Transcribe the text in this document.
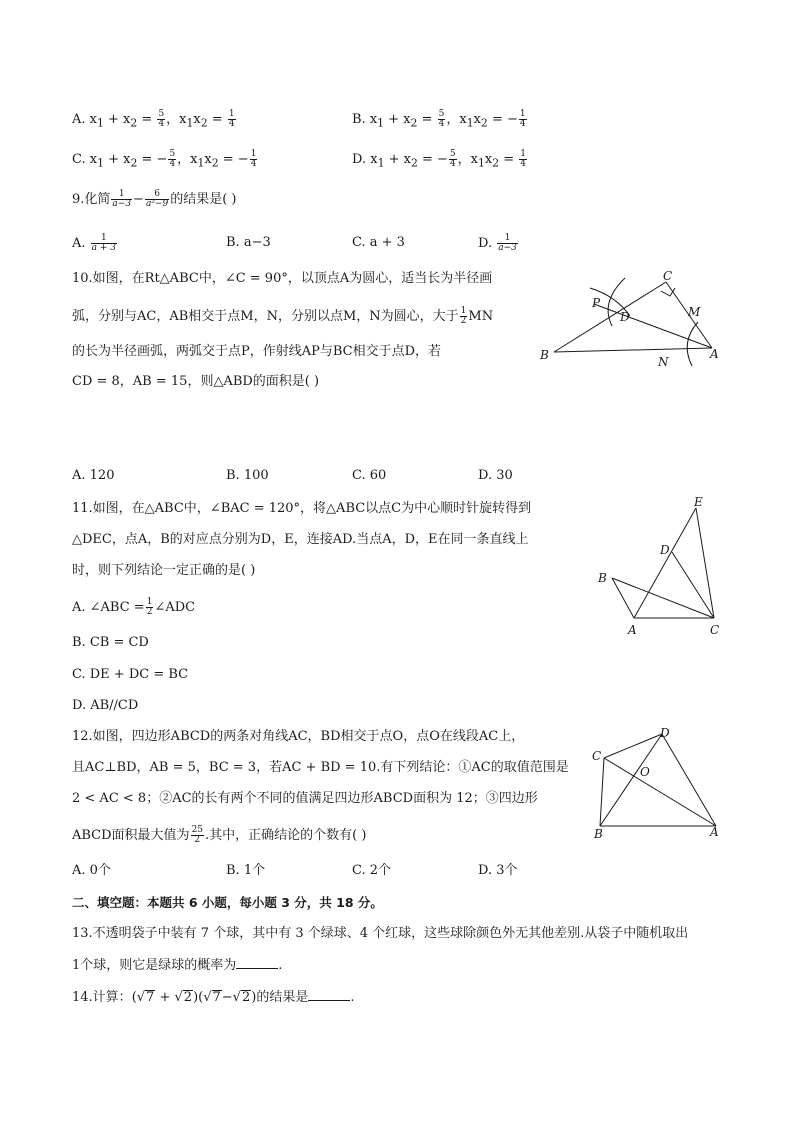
A. $x_1 + x_2 = \frac{5}{4}$ ，$x_1x_2 = \frac{1}{4}$	B. $x_1 + x_2 = \frac{5}{4}$ ，$x_1x_2$ = − $\frac{1}{4}$
C. $x_1 + x_2$ = − $\frac{5}{4}$ ，$x_1x_2$ = − $\frac{1}{4}$	D. $x_1 + x_2$ = − $\frac{5}{4}$ ，$x_1x_2 = \frac{1}{4}$
9.化简 $\frac{1}{a-3} - \frac{6}{\text{a²−9}}$ 的结果是( )
A. $\frac{1}{a + 3}$	B. a−3	C. a + 3	D. $\frac{1}{a-3}$
10.如图，在Rt△ABC中，∠C = 90°，以顶点A为圆心，适当长为半径画
弧，分别与AC，AB相交于点M，N，分别以点M，N为圆心，大于 $\frac{1}{2}$ MN
的长为半径画弧，两弧交于点P，作射线AP与BC相交于点D，若
CD = 8，AB = 15，则△ABD的面积是( )
C
P
D	M
B	N
A
A. 120	B. 100	C. 60	D. 30
11.如图，在△ABC中，∠BAC = 120°，将△ABC以点C为中心顺时针旋转得到
△DEC，点A，B的对应点分别为D，E，连接AD.当点A，D，E在同一条直线上
时，则下列结论一定正确的是( )
A. ∠ABC = $\frac{1}{2}$ ∠ADC
B. CB = CD
C. DE + DC = BC
D. AB//CD
E
D
B
A	C
12.如图，四边形ABCD的两条对角线AC，BD相交于点O，点O在线段AC上，
且AC⊥BD，AB = 5，BC = 3，若AC + BD = 10.有下列结论：①AC的取值范围是
2 < AC < 8；②AC的长有两个不同的值满足四边形ABCD面积为 12；③四边形
ABCD面积最大值为 $\frac{25}{2}$ .其中，正确结论的个数有( )
D
C
O
B	A
A. 0个	B. 1个	C. 2个	D. 3个
二、填空题：本题共 6 小题，每小题 3 分，共 18 分。
13.不透明袋子中装有 7 个球，其中有 3 个绿球、4 个红球，这些球除颜色外无其他差别.从袋子中随机取出
1个球，则它是绿球的概率为	.
14.计算：(√7 + √2)(√7−√2)的结果是	.
